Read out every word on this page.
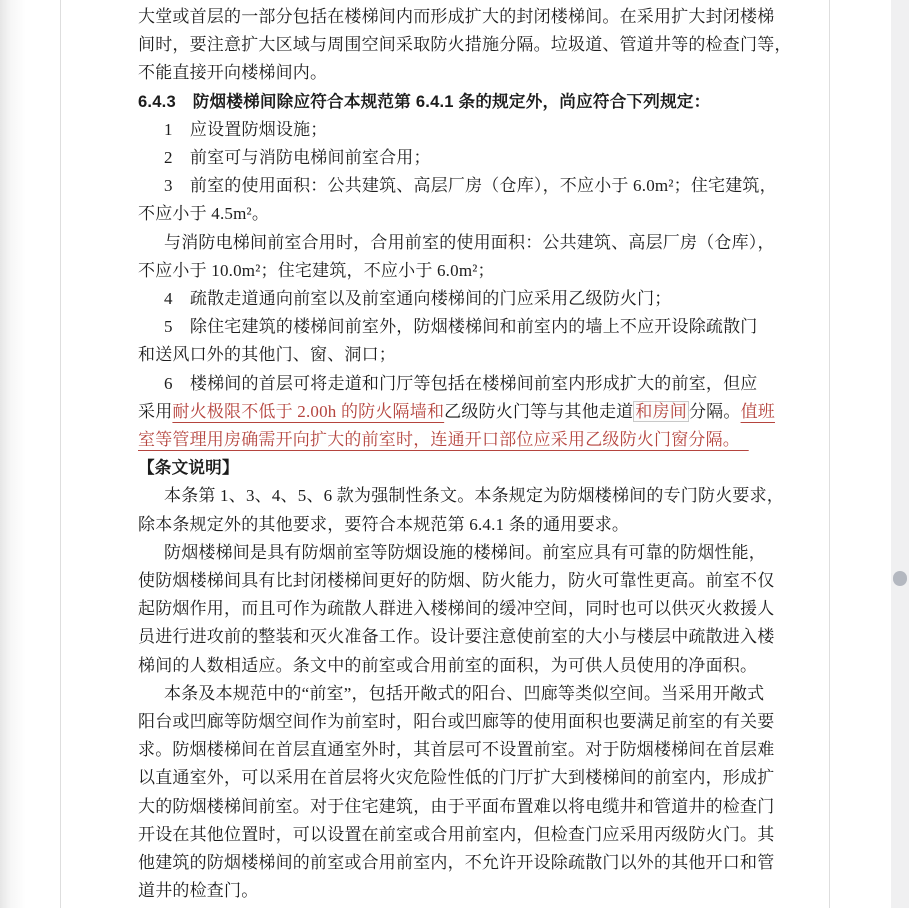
大堂或首层的一部分包括在楼梯间内而形成扩大的封闭楼梯间。在采用扩大封闭楼梯
间时，要注意扩大区域与周围空间采取防火措施分隔。垃圾道、管道井等的检查门等，
不能直接开向楼梯间内。
6.4.3　防烟楼梯间除应符合本规范第 6.4.1 条的规定外，尚应符合下列规定：
1　应设置防烟设施；
2　前室可与消防电梯间前室合用；
3　前室的使用面积：公共建筑、高层厂房（仓库），不应小于 6.0m²；住宅建筑，
不应小于 4.5m²。
与消防电梯间前室合用时，合用前室的使用面积：公共建筑、高层厂房（仓库），
不应小于 10.0m²；住宅建筑，不应小于 6.0m²；
4　疏散走道通向前室以及前室通向楼梯间的门应采用乙级防火门；
5　除住宅建筑的楼梯间前室外，防烟楼梯间和前室内的墙上不应开设除疏散门
和送风口外的其他门、窗、洞口；
6　楼梯间的首层可将走道和门厅等包括在楼梯间前室内形成扩大的前室，但应
采用耐火极限不低于 2.00h 的防火隔墙和乙级防火门等与其他走道 和房间 分隔。值班
室等管理用房确需开向扩大的前室时，连通开口部位应采用乙级防火门窗分隔。　
【条文说明】
本条第 1、3、4、5、6 款为强制性条文。本条规定为防烟楼梯间的专门防火要求，
除本条规定外的其他要求，要符合本规范第 6.4.1 条的通用要求。
防烟楼梯间是具有防烟前室等防烟设施的楼梯间。前室应具有可靠的防烟性能，
使防烟楼梯间具有比封闭楼梯间更好的防烟、防火能力，防火可靠性更高。前室不仅
起防烟作用，而且可作为疏散人群进入楼梯间的缓冲空间，同时也可以供灭火救援人
员进行进攻前的整装和灭火准备工作。设计要注意使前室的大小与楼层中疏散进入楼
梯间的人数相适应。条文中的前室或合用前室的面积，为可供人员使用的净面积。
本条及本规范中的“前室”，包括开敞式的阳台、凹廊等类似空间。当采用开敞式
阳台或凹廊等防烟空间作为前室时，阳台或凹廊等的使用面积也要满足前室的有关要
求。防烟楼梯间在首层直通室外时，其首层可不设置前室。对于防烟楼梯间在首层难
以直通室外，可以采用在首层将火灾危险性低的门厅扩大到楼梯间的前室内，形成扩
大的防烟楼梯间前室。对于住宅建筑，由于平面布置难以将电缆井和管道井的检查门
开设在其他位置时，可以设置在前室或合用前室内，但检查门应采用丙级防火门。其
他建筑的防烟楼梯间的前室或合用前室内，不允许开设除疏散门以外的其他开口和管
道井的检查门。
